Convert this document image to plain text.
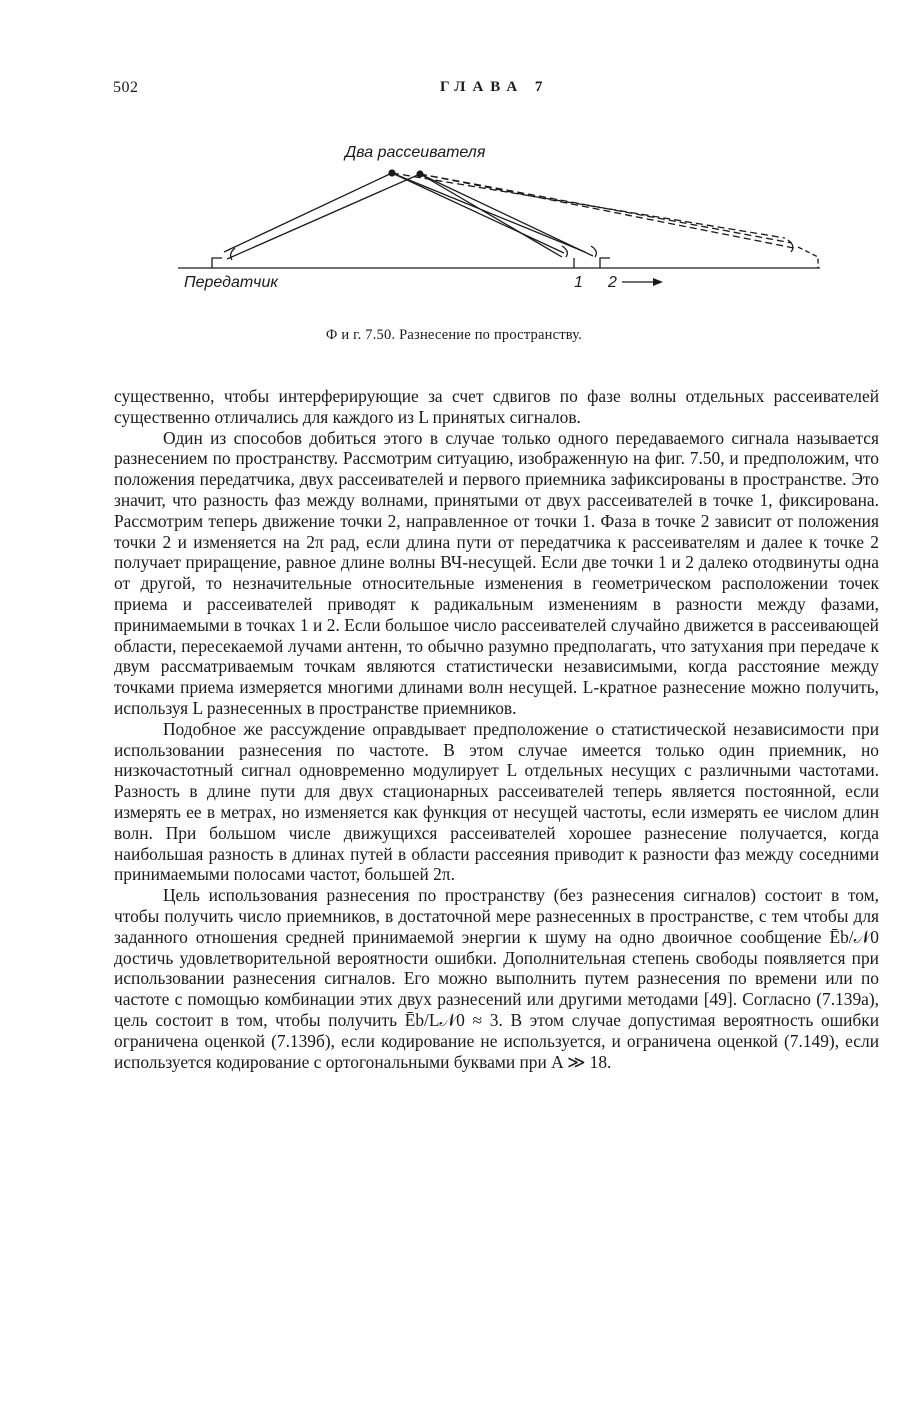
502	ГЛАВА 7
Два рассеивателя
Передатчик	1 2
Ф и г. 7.50. Разнесение по пространству.

существенно, чтобы интерферирующие за счет сдвигов по фазе волны отдельных рассеивателей существенно отличались для каждого из L принятых сигналов.

Один из способов добиться этого в случае только одного передаваемого сигнала называется разнесением по пространству. Рассмотрим ситуацию, изображенную на фиг. 7.50, и предположим, что положения передатчика, двух рассеивателей и первого приемника зафиксированы в пространстве. Это значит, что разность фаз между волнами, принятыми от двух рассеивателей в точке 1, фиксирована. Рассмотрим теперь движение точки 2, направленное от точки 1. Фаза в точке 2 зависит от положения точки 2 и изменяется на 2π рад, если длина пути от передатчика к рассеивателям и далее к точке 2 получает приращение, равное длине волны ВЧ-несущей. Если две точки 1 и 2 далеко отодвинуты одна от другой, то незначительные относительные изменения в геометрическом расположении точек приема и рассеивателей приводят к радикальным изменениям в разности между фазами, принимаемыми в точках 1 и 2. Если большое число рассеивателей случайно движется в рассеивающей области, пересекаемой лучами антенн, то обычно разумно предполагать, что затухания при передаче к двум рассматриваемым точкам являются статистически независимыми, когда расстояние между точками приема измеряется многими длинами волн несущей. L-кратное разнесение можно получить, используя L разнесенных в пространстве приемников.

Подобное же рассуждение оправдывает предположение о статистической независимости при использовании разнесения по частоте. В этом случае имеется только один приемник, но низкочастотный сигнал одновременно модулирует L отдельных несущих с различными частотами. Разность в длине пути для двух стационарных рассеивателей теперь является постоянной, если измерять ее в метрах, но изменяется как функция от несущей частоты, если измерять ее числом длин волн. При большом числе движущихся рассеивателей хорошее разнесение получается, когда наибольшая разность в длинах путей в области рассеяния приводит к разности фаз между соседними принимаемыми полосами частот, большей 2π.

Цель использования разнесения по пространству (без разнесения сигналов) состоит в том, чтобы получить число приемников, в достаточной мере разнесенных в пространстве, с тем чтобы для заданного отношения средней принимаемой энергии к шуму на одно двоичное сообщение Ēb/𝒩0 достичь удовлетворительной вероятности ошибки. Дополнительная степень свободы появляется при использовании разнесения сигналов. Его можно выполнить путем разнесения по времени или по частоте с помощью комбинации этих двух разнесений или другими методами [49]. Согласно (7.139а), цель состоит в том, чтобы получить Ēb/L𝒩0 ≈ 3. В этом случае допустимая вероятность ошибки ограничена оценкой (7.139б), если кодирование не используется, и ограничена оценкой (7.149), если используется кодирование с ортогональными буквами при A ≫ 18.
